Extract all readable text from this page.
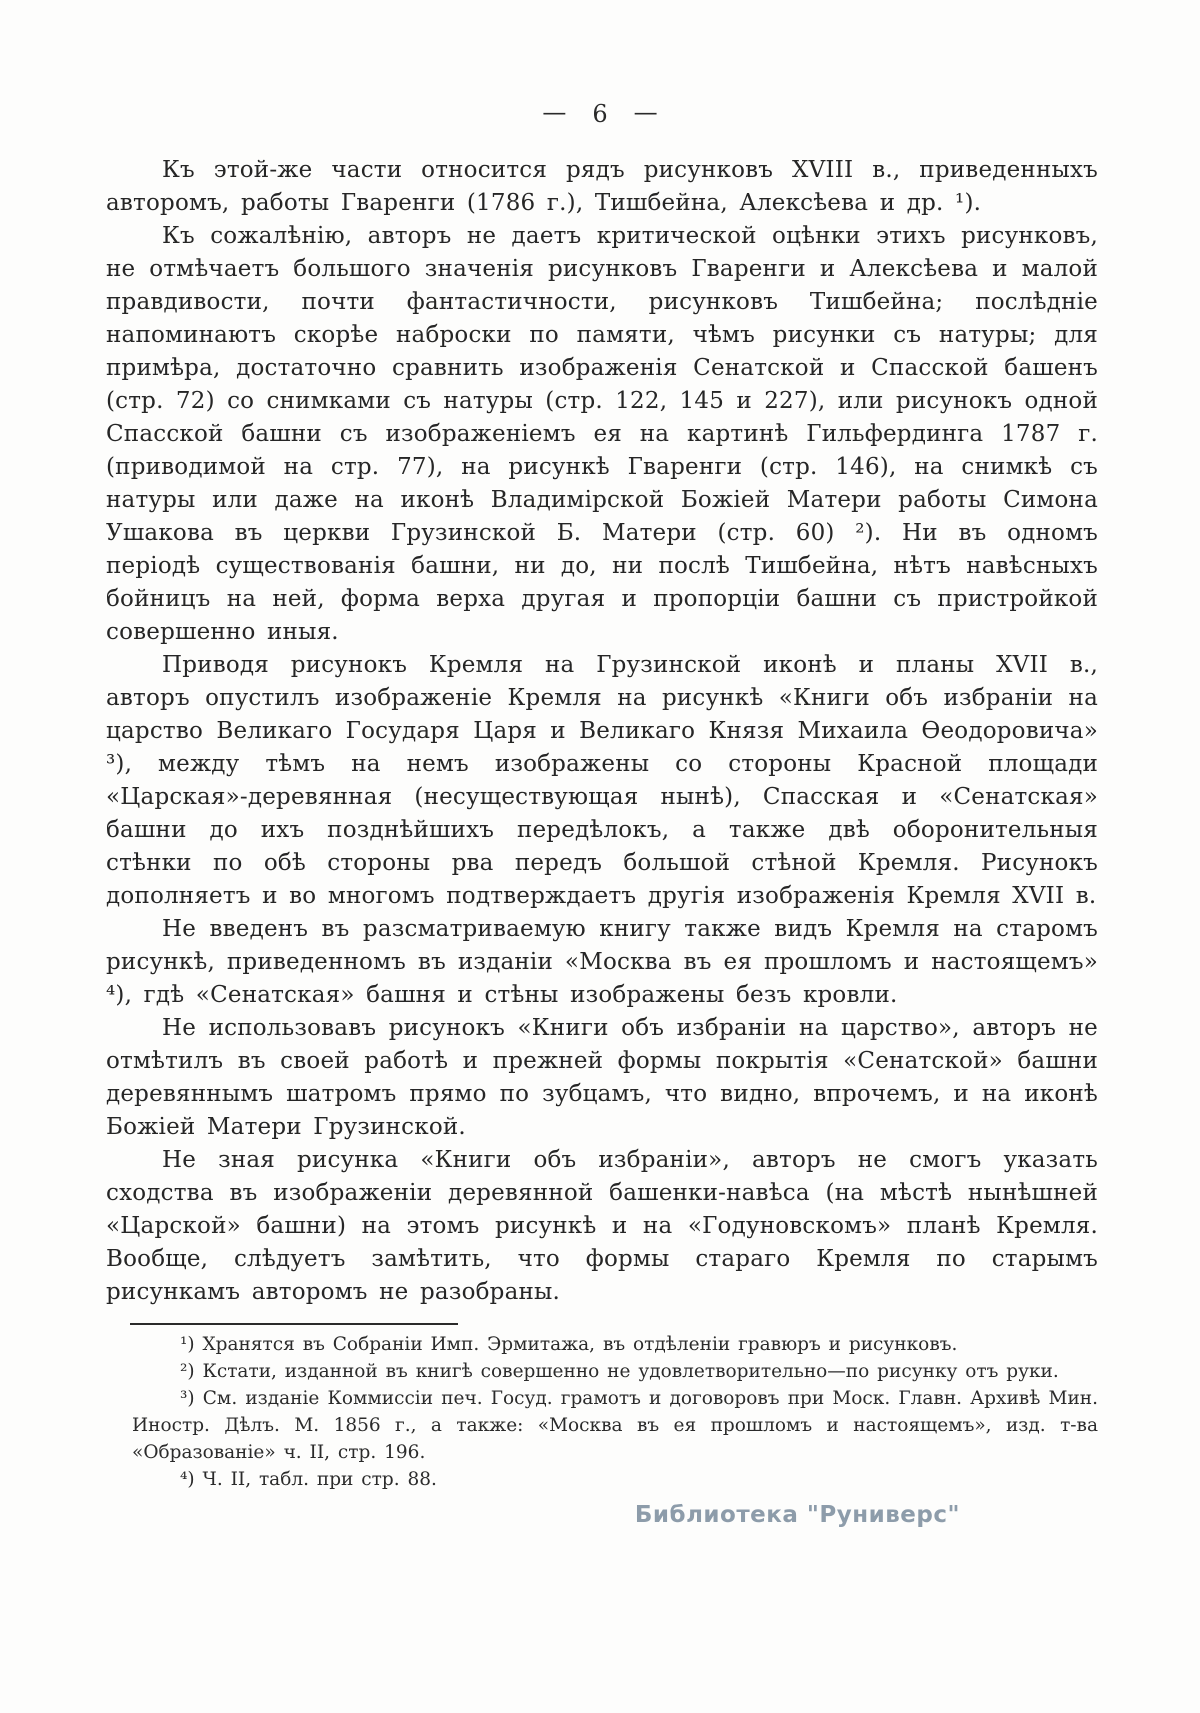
— 6 —

Къ этой-же части относится рядъ рисунковъ XVIII в., приведенныхъ авторомъ, работы Гваренги (1786 г.), Тишбейна, Алексѣева и др. ¹).

Къ сожалѣнію, авторъ не даетъ критической оцѣнки этихъ рисунковъ, не отмѣчаетъ большого значенія рисунковъ Гваренги и Алексѣева и малой правдивости, почти фантастичности, рисунковъ Тишбейна; послѣдніе напоминаютъ скорѣе наброски по памяти, чѣмъ рисунки съ натуры; для примѣра, достаточно сравнить изображенія Сенатской и Спасской башенъ (стр. 72) со снимками съ натуры (стр. 122, 145 и 227), или рисунокъ одной Спасской башни съ изображеніемъ ея на картинѣ Гильфердинга 1787 г. (приводимой на стр. 77), на рисункѣ Гваренги (стр. 146), на снимкѣ съ натуры или даже на иконѣ Владимірской Божіей Матери работы Симона Ушакова въ церкви Грузинской Б. Матери (стр. 60) ²). Ни въ одномъ періодѣ существованія башни, ни до, ни послѣ Тишбейна, нѣтъ навѣсныхъ бойницъ на ней, форма верха другая и пропорціи башни съ пристройкой совершенно иныя.

Приводя рисунокъ Кремля на Грузинской иконѣ и планы XVII в., авторъ опустилъ изображеніе Кремля на рисункѣ «Книги объ избраніи на царство Великаго Государя Царя и Великаго Князя Михаила Ѳеодоровича» ³), между тѣмъ на немъ изображены со стороны Красной площади «Царская»-деревянная (несуществующая нынѣ), Спасская и «Сенатская» башни до ихъ позднѣйшихъ передѣлокъ, а также двѣ оборонительныя стѣнки по обѣ стороны рва передъ большой стѣной Кремля. Рисунокъ дополняетъ и во многомъ подтверждаетъ другія изображенія Кремля XVII в.

Не введенъ въ разсматриваемую книгу также видъ Кремля на старомъ рисункѣ, приведенномъ въ изданіи «Москва въ ея прошломъ и настоящемъ» ⁴), гдѣ «Сенатская» башня и стѣны изображены безъ кровли.

Не использовавъ рисунокъ «Книги объ избраніи на царство», авторъ не отмѣтилъ въ своей работѣ и прежней формы покрытія «Сенатской» башни деревяннымъ шатромъ прямо по зубцамъ, что видно, впрочемъ, и на иконѣ Божіей Матери Грузинской.

Не зная рисунка «Книги объ избраніи», авторъ не смогъ указать сходства въ изображеніи деревянной башенки-навѣса (на мѣстѣ нынѣшней «Царской» башни) на этомъ рисункѣ и на «Годуновскомъ» планѣ Кремля. Вообще, слѣдуетъ замѣтить, что формы стараго Кремля по старымъ рисункамъ авторомъ не разобраны.

¹) Хранятся въ Собраніи Имп. Эрмитажа, въ отдѣленіи гравюръ и рисунковъ.

²) Кстати, изданной въ книгѣ совершенно не удовлетворительно—по рисунку отъ руки.

³) См. изданіе Коммиссіи печ. Госуд. грамотъ и договоровъ при Моск. Главн. Архивѣ Мин. Иностр. Дѣлъ. М. 1856 г., а также: «Москва въ ея прошломъ и настоящемъ», изд. т-ва «Образованіе» ч. II, стр. 196.

⁴) Ч. II, табл. при стр. 88.

Библиотека "Руниверс"
